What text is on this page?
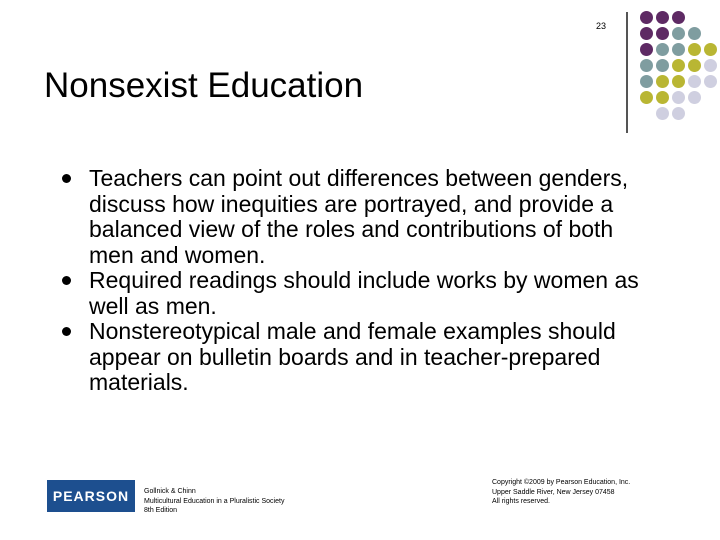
23
Nonsexist Education
Teachers can point out differences between genders, discuss how inequities are portrayed, and provide a balanced view of the roles and contributions of both men and women.
Required readings should include works by women as well as men.
Nonstereotypical male and female examples should appear on bulletin boards and in teacher-prepared materials.
PEARSON	Gollnick & Chinn
Multicultural Education in a Pluralistic Society
8th Edition
Copyright ©2009 by Pearson Education, Inc.
Upper Saddle River, New Jersey 07458
All rights reserved.
